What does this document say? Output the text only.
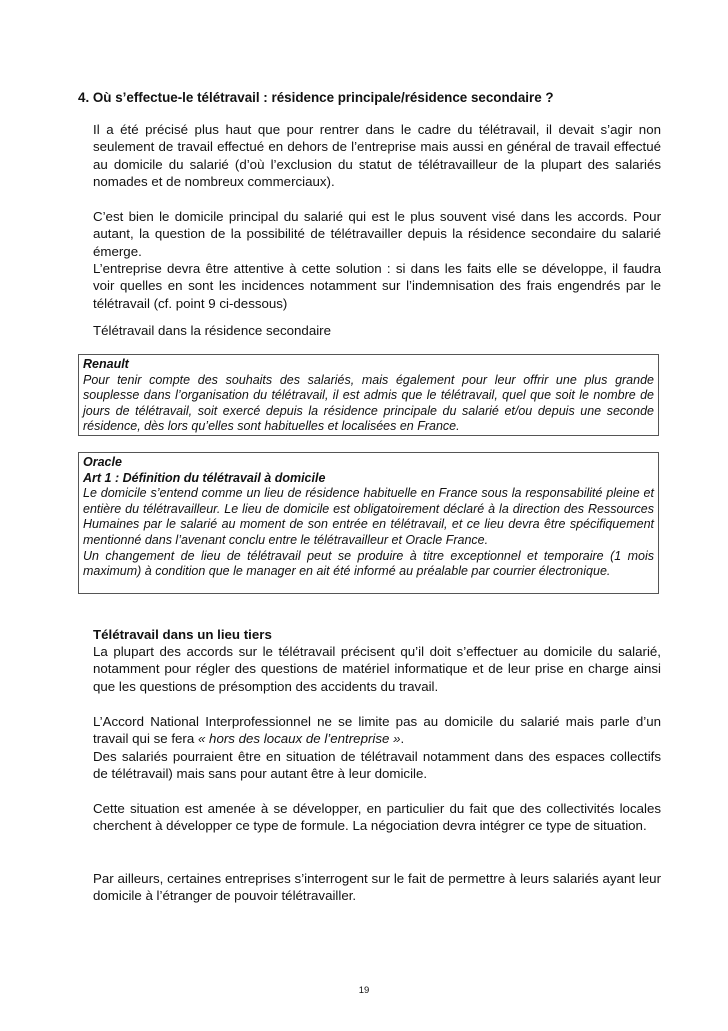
4. Où s’effectue-le télétravail : résidence principale/résidence secondaire ?

Il a été précisé plus haut que pour rentrer dans le cadre du télétravail, il devait s’agir non seulement de travail effectué en dehors de l’entreprise mais aussi en général de travail effectué au domicile du salarié (d’où l’exclusion du statut de télétravailleur de la plupart des salariés nomades et de nombreux commerciaux).

C’est bien le domicile principal du salarié qui est le plus souvent visé dans les accords. Pour autant, la question de la possibilité de télétravailler depuis la résidence secondaire du salarié émerge.

L’entreprise devra être attentive à cette solution : si dans les faits elle se développe, il faudra voir quelles en sont les incidences notamment sur l’indemnisation des frais engendrés par le télétravail (cf. point 9 ci-dessous)

Télétravail dans la résidence secondaire

Renault

Pour tenir compte des souhaits des salariés, mais également pour leur offrir une plus grande souplesse dans l’organisation du télétravail, il est admis que le télétravail, quel que soit le nombre de jours de télétravail, soit exercé depuis la résidence principale du salarié et/ou depuis une seconde résidence, dès lors qu’elles sont habituelles et localisées en France.

Oracle
Art 1 : Définition du télétravail à domicile

Le domicile s’entend comme un lieu de résidence habituelle en France sous la responsabilité pleine et entière du télétravailleur. Le lieu de domicile est obligatoirement déclaré à la direction des Ressources Humaines par le salarié au moment de son entrée en télétravail, et ce lieu devra être spécifiquement mentionné dans l’avenant conclu entre le télétravailleur et Oracle France.

Un changement de lieu de télétravail peut se produire à titre exceptionnel et temporaire (1 mois maximum) à condition que le manager en ait été informé au préalable par courrier électronique.

Télétravail dans un lieu tiers

La plupart des accords sur le télétravail précisent qu’il doit s’effectuer au domicile du salarié, notamment pour régler des questions de matériel informatique et de leur prise en charge ainsi que les questions de présomption des accidents du travail.

L’Accord National Interprofessionnel ne se limite pas au domicile du salarié mais parle d’un travail qui se fera « hors des locaux de l’entreprise ».

Des salariés pourraient être en situation de télétravail notamment dans des espaces collectifs de télétravail) mais sans pour autant être à leur domicile.

Cette situation est amenée à se développer, en particulier du fait que des collectivités locales cherchent à développer ce type de formule. La négociation devra intégrer ce type de situation.

Par ailleurs, certaines entreprises s’interrogent sur le fait de permettre à leurs salariés ayant leur domicile à l’étranger de pouvoir télétravailler.

19
